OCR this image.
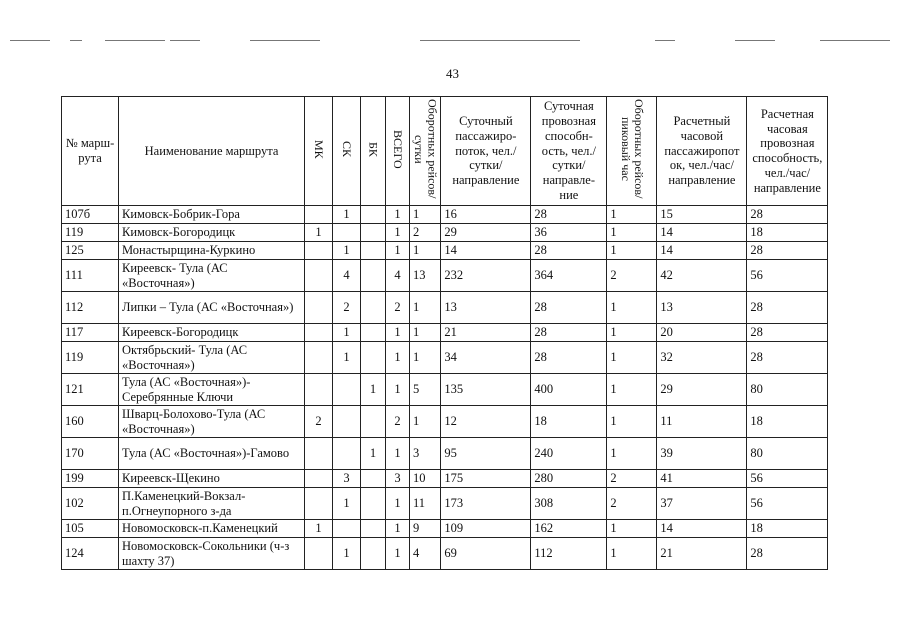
43
№ марш-рута	Наименование маршрута	МК	СК	БК	ВСЕГО	Оборотных рейсов/сутки	Суточный пассажиро-поток, чел./сутки/ направление	Суточная провозная способн-ость, чел./сутки/ направле-ние	Оборотных рейсов/ пиковый час	Расчетный часовой пассажиропот ок, чел./час/ направление	Расчетная часовая провозная способность, чел./час/ направление
107б	Кимовск-Бобрик-Гора		1		1	1	16	28	1	15	28
119	Кимовск-Богородицк	1			1	2	29	36	1	14	18
125	Монастырщина-Куркино		1		1	1	14	28	1	14	28
111	Киреевск- Тула (АС «Восточная»)		4		4	13	232	364	2	42	56
112	Липки – Тула (АС «Восточная»)		2		2	1	13	28	1	13	28
117	Киреевск-Богородицк		1		1	1	21	28	1	20	28
119	Октябрьский- Тула (АС «Восточная»)		1		1	1	34	28	1	32	28
121	Тула (АС «Восточная»)-Серебрянные Ключи			1	1	5	135	400	1	29	80
160	Шварц-Болохово-Тула (АС «Восточная»)	2			2	1	12	18	1	11	18
170	Тула (АС «Восточная»)-Гамово			1	1	3	95	240	1	39	80
199	Киреевск-Щекино		3		3	10	175	280	2	41	56
102	П.Каменецкий-Вокзал-п.Огнеупорного з-да		1		1	11	173	308	2	37	56
105	Новомосковск-п.Каменецкий	1			1	9	109	162	1	14	18
124	Новомосковск-Сокольники (ч-з шахту 37)		1		1	4	69	112	1	21	28
